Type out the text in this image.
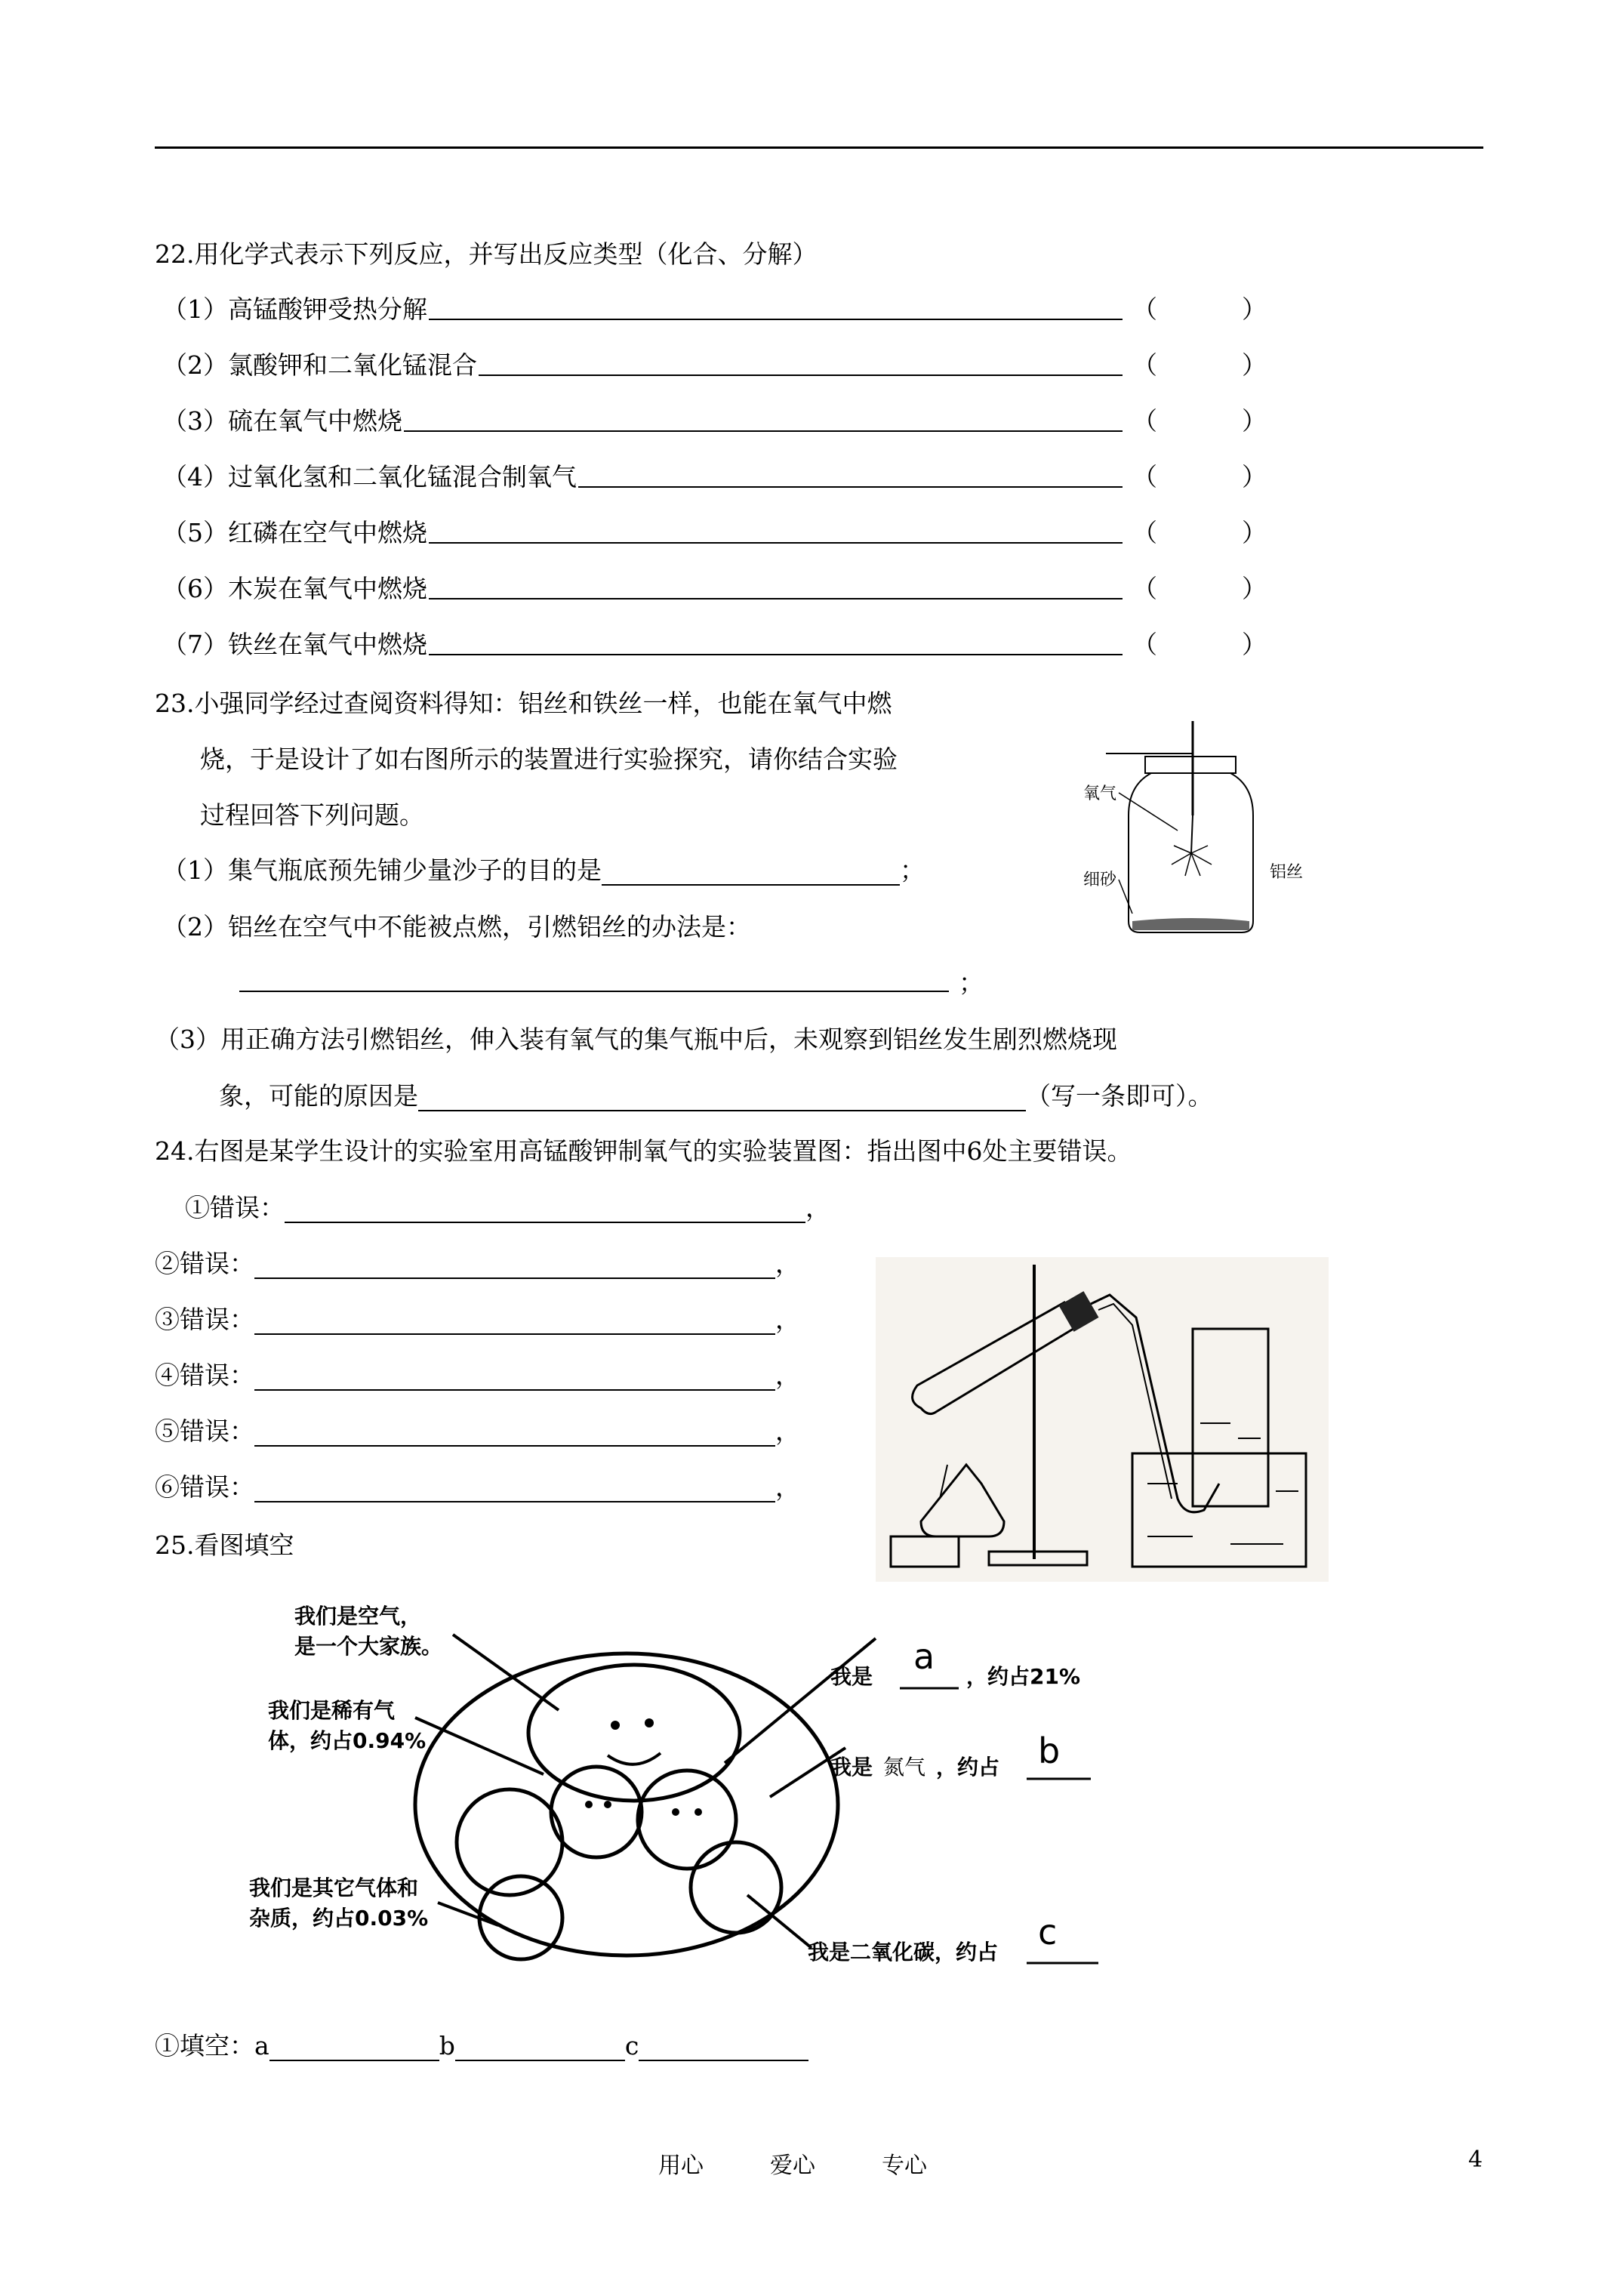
22.用化学式表示下列反应，并写出反应类型（化合、分解）
（1）高锰酸钾受热分解	（	）
（2）氯酸钾和二氧化锰混合	（	）
（3）硫在氧气中燃烧	（	）
（4）过氧化氢和二氧化锰混合制氧气	（	）
（5）红磷在空气中燃烧	（	）
（6）木炭在氧气中燃烧	（	）
（7）铁丝在氧气中燃烧	（	）
23.小强同学经过查阅资料得知：铝丝和铁丝一样，也能在氧气中燃
烧，于是设计了如右图所示的装置进行实验探究，请你结合实验
过程回答下列问题。
（1）集气瓶底预先铺少量沙子的目的是	；
（2）铝丝在空气中不能被点燃，引燃铝丝的办法是：
；
（3）用正确方法引燃铝丝，伸入装有氧气的集气瓶中后，未观察到铝丝发生剧烈燃烧现
象，可能的原因是	（写一条即可）。
氧气
细砂	铝丝
24.右图是某学生设计的实验室用高锰酸钾制氧气的实验装置图：指出图中6处主要错误。
①错误：	，
②错误：	，
③错误：	，
④错误：	，
⑤错误：	，
⑥错误：	，
25.看图填空
我们是空气，
是一个大家族。
我们是稀有气
体，约占0.94%
我们是其它气体和
杂质，约占0.03%
我是	，约占21%
我是 氮气 ，约占
我是二氧化碳，约占
a
b
c
①填空：a	b	c
用心	爱心	专心	4
